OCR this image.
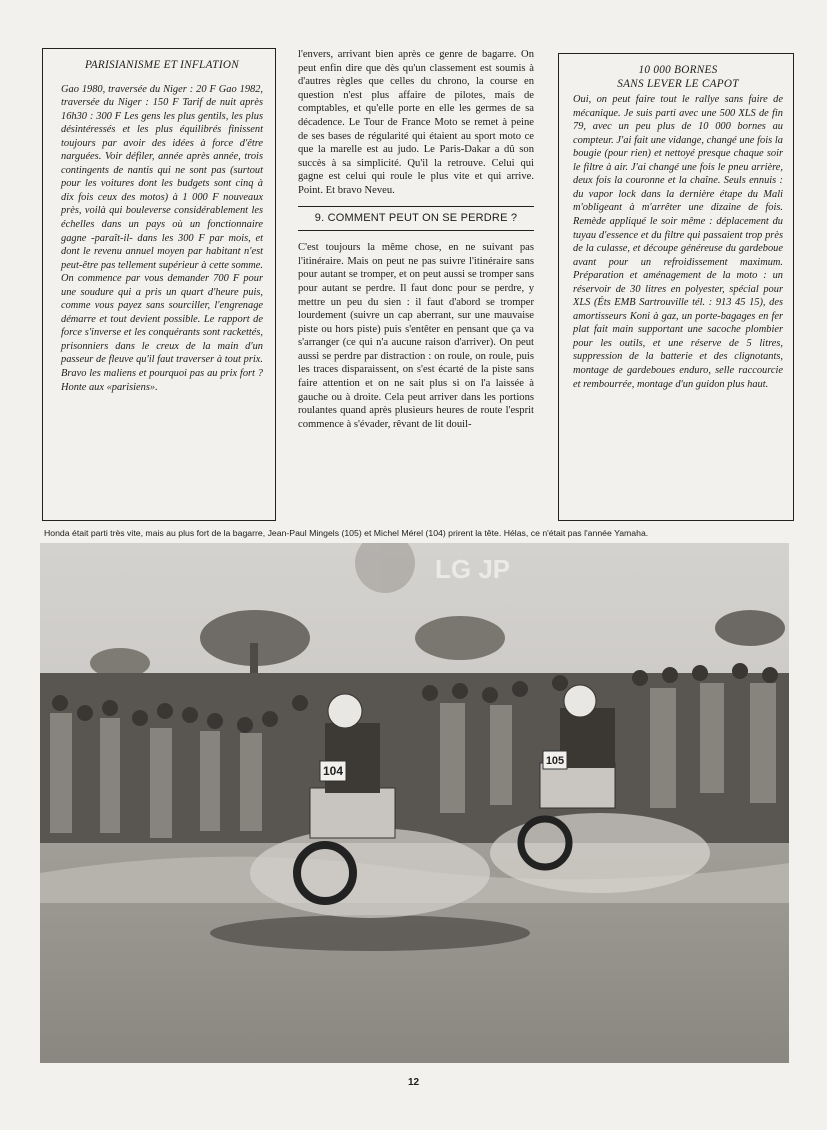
PARISIANISME ET INFLATION

Gao 1980, traversée du Niger : 20 F Gao 1982, traversée du Niger : 150 F Tarif de nuit après 16h30 : 300 F Les gens les plus gentils, les plus désintéressés et les plus équilibrés finissent toujours par avoir des idées à force d'être narguées. Voir défiler, année après année, trois contingents de nantis qui ne sont pas (surtout pour les voitures dont les budgets sont cinq à dix fois ceux des motos) à 1 000 F nouveaux près, voilà qui bouleverse considérablement les échelles dans un pays où un fonctionnaire gagne -paraît-il- dans les 300 F par mois, et dont le revenu annuel moyen par habitant n'est peut-être pas tellement supérieur à cette somme. On commence par vous demander 700 F pour une soudure qui a pris un quart d'heure puis, comme vous payez sans sourciller, l'engrenage démarre et tout devient possible. Le rapport de force s'inverse et les conquérants sont rackettés, prisonniers dans le creux de la main d'un passeur de fleuve qu'il faut traverser à tout prix. Bravo les maliens et pourquoi pas au prix fort ? Honte aux «parisiens».

l'envers, arrivant bien après ce genre de bagarre. On peut enfin dire que dès qu'un classement est soumis à d'autres règles que celles du chrono, la course en question n'est plus affaire de pilotes, mais de comptables, et qu'elle porte en elle les germes de sa décadence. Le Tour de France Moto se remet à peine de ses bases de régularité qui étaient au sport moto ce que la marelle est au judo. Le Paris-Dakar a dû son succès à sa simplicité. Qu'il la retrouve. Celui qui gagne est celui qui roule le plus vite et qui arrive. Point. Et bravo Neveu.

9. COMMENT PEUT ON SE PERDRE ?

C'est toujours la même chose, en ne suivant pas l'itinéraire. Mais on peut ne pas suivre l'itinéraire sans pour autant se tromper, et on peut aussi se tromper sans pour autant se perdre. Il faut donc pour se perdre, y mettre un peu du sien : il faut d'abord se tromper lourdement (suivre un cap aberrant, sur une mauvaise piste ou hors piste) puis s'entêter en pensant que ça va s'arranger (ce qui n'a aucune raison d'arriver). On peut aussi se perdre par distraction : on roule, on roule, puis les traces disparaissent, on s'est écarté de la piste sans faire attention et on ne sait plus si on l'a laissée à gauche ou à droite. Cela peut arriver dans les portions roulantes quand après plusieurs heures de route l'esprit commence à s'évader, rêvant de lit douil-

10 000 BORNES
SANS LEVER LE CAPOT

Oui, on peut faire tout le rallye sans faire de mécanique. Je suis parti avec une 500 XLS de fin 79, avec un peu plus de 10 000 bornes au compteur. J'ai fait une vidange, changé une fois la bougie (pour rien) et nettoyé presque chaque soir le filtre à air. J'ai changé une fois le pneu arrière, deux fois la couronne et la chaîne. Seuls ennuis : du vapor lock dans la dernière étape du Mali m'obligeant à m'arrêter une dizaine de fois. Remède appliqué le soir même : déplacement du tuyau d'essence et du filtre qui passaient trop près de la culasse, et découpe généreuse du gardeboue avant pour un refroidissement maximum. Préparation et aménagement de la moto : un réservoir de 30 litres en polyester, spécial pour XLS (Éts EMB Sartrouville tél. : 913 45 15), des amortisseurs Koni à gaz, un porte-bagages en fer plat fait main supportant une sacoche plombier pour les outils, et une réserve de 5 litres, suppression de la batterie et des clignotants, montage de gardeboues enduro, selle raccourcie et rembourrée, montage d'un guidon plus haut.

Honda était parti très vite, mais au plus fort de la bagarre, Jean-Paul Mingels (105) et Michel Mérel (104) prirent la tête. Hélas, ce n'était pas l'année Yamaha.
104
105
LG JP
12
